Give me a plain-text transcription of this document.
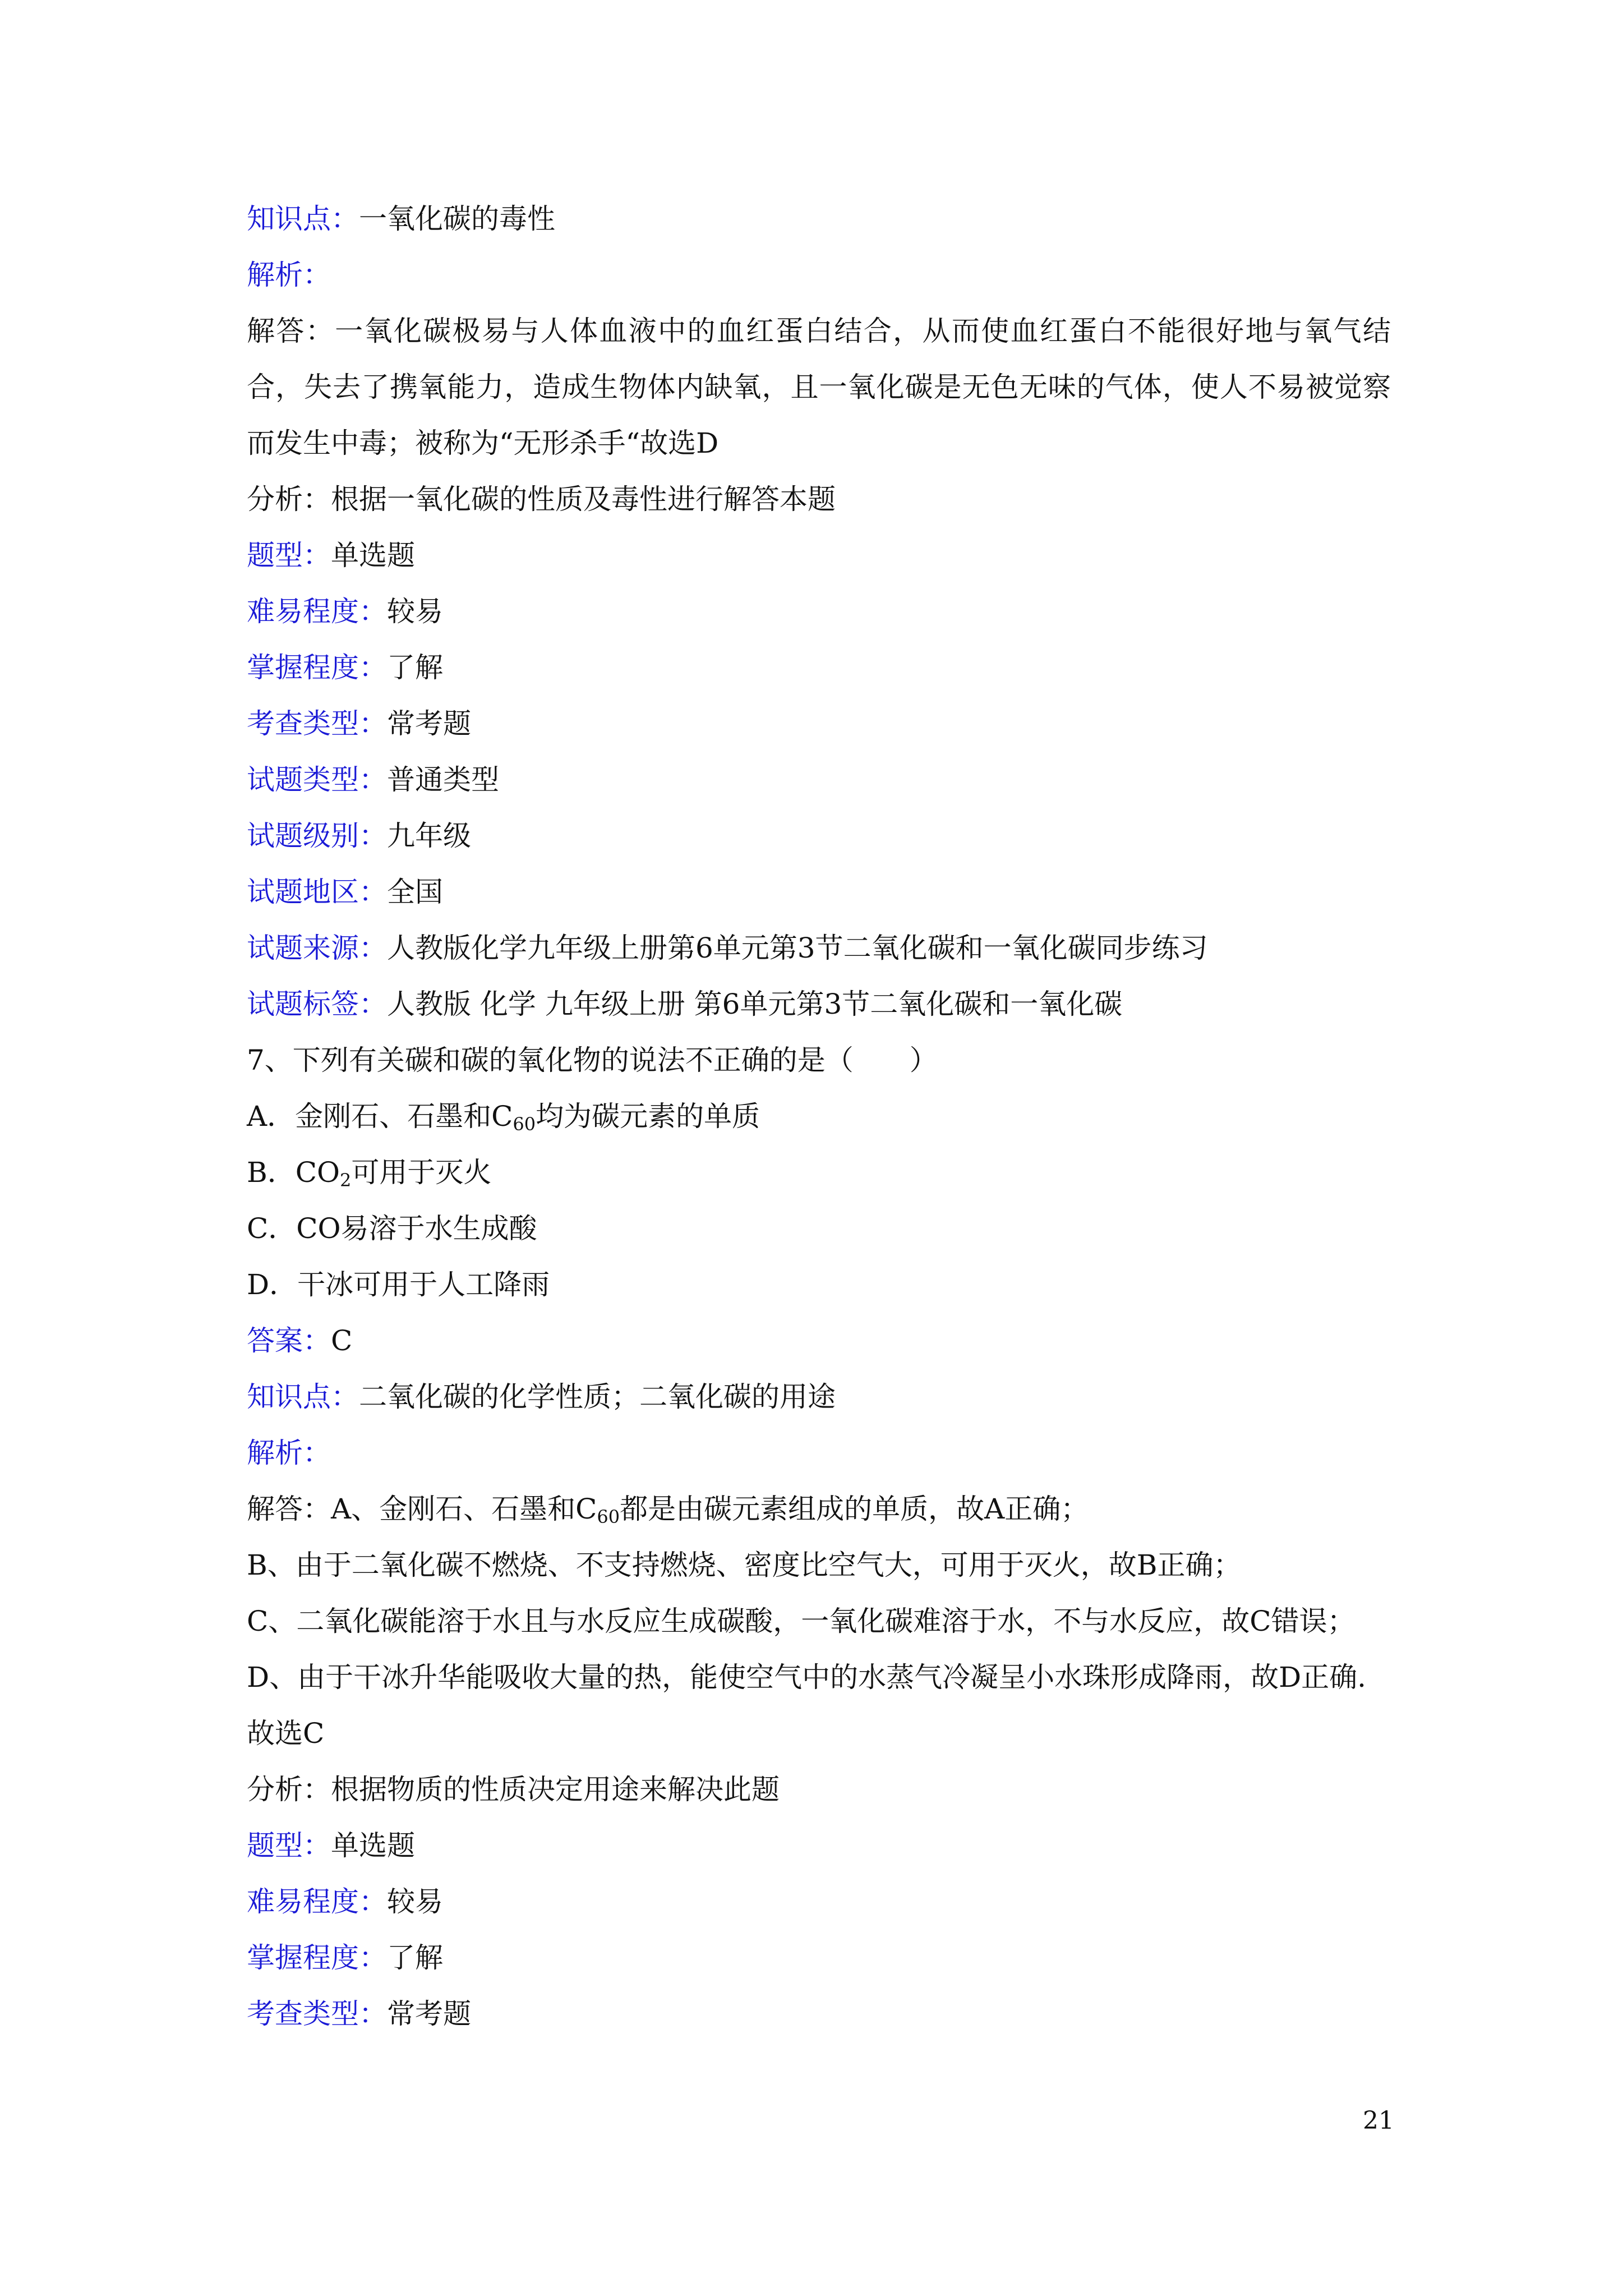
知识点：一氧化碳的毒性
解析：
解答：一氧化碳极易与人体血液中的血红蛋白结合，从而使血红蛋白不能很好地与氧气结合，失去了携氧能力，造成生物体内缺氧，且一氧化碳是无色无味的气体，使人不易被觉察而发生中毒；被称为“无形杀手“故选D
分析：根据一氧化碳的性质及毒性进行解答本题
题型：单选题
难易程度：较易
掌握程度：了解
考查类型：常考题
试题类型：普通类型
试题级别：九年级
试题地区：全国
试题来源：人教版化学九年级上册第6单元第3节二氧化碳和一氧化碳同步练习
试题标签：人教版 化学 九年级上册 第6单元第3节二氧化碳和一氧化碳
7、下列有关碳和碳的氧化物的说法不正确的是（　　）
A．金刚石、石墨和$C_{60}$均为碳元素的单质
B．$CO_2$可用于灭火
C．CO易溶于水生成酸
D．干冰可用于人工降雨
答案：C
知识点：二氧化碳的化学性质；二氧化碳的用途
解析：
解答：A、金刚石、石墨和$C_{60}$都是由碳元素组成的单质，故A正确；
B、由于二氧化碳不燃烧、不支持燃烧、密度比空气大，可用于灭火，故B正确；
C、二氧化碳能溶于水且与水反应生成碳酸，一氧化碳难溶于水，不与水反应，故C错误；
D、由于干冰升华能吸收大量的热，能使空气中的水蒸气冷凝呈小水珠形成降雨，故D正确.
故选C
分析：根据物质的性质决定用途来解决此题
题型：单选题
难易程度：较易
掌握程度：了解
考查类型：常考题
21
